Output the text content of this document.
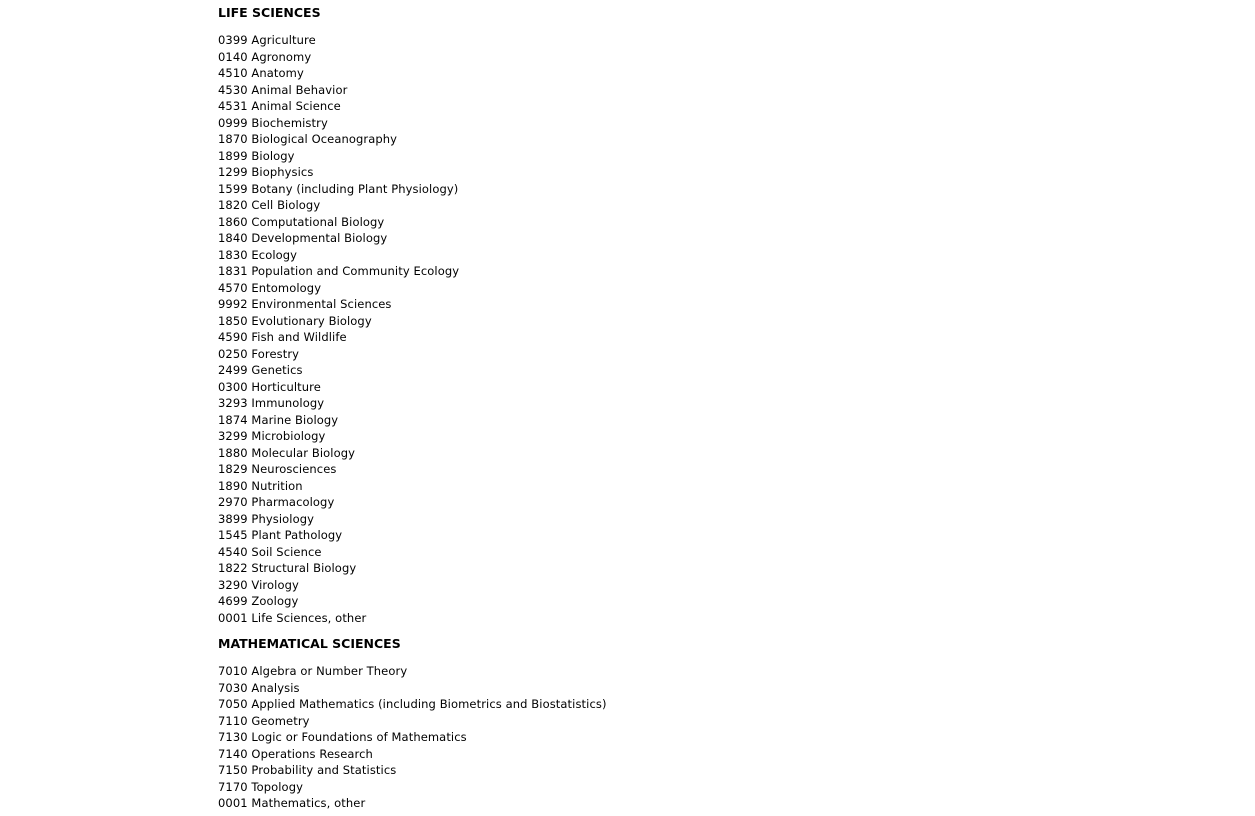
LIFE SCIENCES
0399 Agriculture
0140 Agronomy
4510 Anatomy
4530 Animal Behavior
4531 Animal Science
0999 Biochemistry
1870 Biological Oceanography
1899 Biology
1299 Biophysics
1599 Botany (including Plant Physiology)
1820 Cell Biology
1860 Computational Biology
1840 Developmental Biology
1830 Ecology
1831 Population and Community Ecology
4570 Entomology
9992 Environmental Sciences
1850 Evolutionary Biology
4590 Fish and Wildlife
0250 Forestry
2499 Genetics
0300 Horticulture
3293 Immunology
1874 Marine Biology
3299 Microbiology
1880 Molecular Biology
1829 Neurosciences
1890 Nutrition
2970 Pharmacology
3899 Physiology
1545 Plant Pathology
4540 Soil Science
1822 Structural Biology
3290 Virology
4699 Zoology
0001 Life Sciences, other
MATHEMATICAL SCIENCES
7010 Algebra or Number Theory
7030 Analysis
7050 Applied Mathematics (including Biometrics and Biostatistics)
7110 Geometry
7130 Logic or Foundations of Mathematics
7140 Operations Research
7150 Probability and Statistics
7170 Topology
0001 Mathematics, other
